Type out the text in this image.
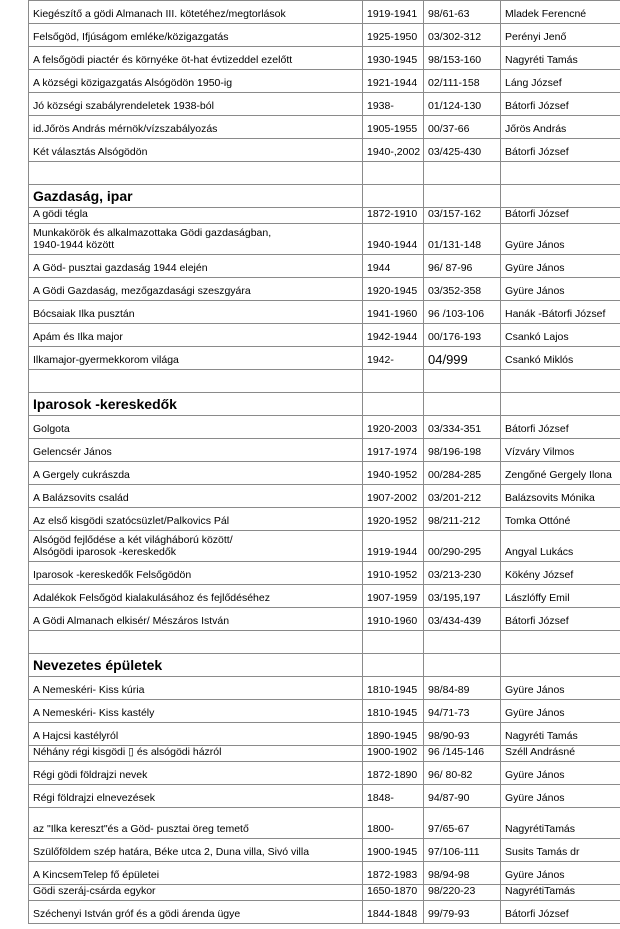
Kiegészítő a gödi Almanach III. kötetéhez/megtorlások	1919-1941	98/61-63	Mladek Ferencné
Felsőgöd, Ifjúságom emléke/közigazgatás	1925-1950	03/302-312	Perényi Jenő
A felsőgödi piactér és környéke öt-hat évtizeddel ezelőtt	1930-1945	98/153-160	Nagyréti Tamás
A községi közigazgatás Alsógödön 1950-ig	1921-1944	02/111-158	Láng József
Jó községi szabályrendeletek 1938-ból	1938-	01/124-130	Bátorfi József
id.Jőrös András mérnök/vízszabályozás	1905-1955	00/37-66	Jőrös András
Két választás Alsógödön	1940-,2002	03/425-430	Bátorfi József

Gazdaság, ipar			
A gödi tégla	1872-1910	03/157-162	Bátorfi József
Munkakörök és alkalmazottaka Gödi gazdaságban,
1940-1944 között	1940-1944	01/131-148	Gyüre János
A Göd- pusztai gazdaság 1944 elején	1944	96/ 87-96	Gyüre János
A Gödi Gazdaság, mezőgazdasági szeszgyára	1920-1945	03/352-358	Gyüre János
Bócsaiak Ilka pusztán	1941-1960	96 /103-106	Hanák -Bátorfi József
Apám és Ilka major	1942-1944	00/176-193	Csankó Lajos
Ilkamajor-gyermekkorom világa	1942-	04/999	Csankó Miklós

Iparosok -kereskedők			
Golgota	1920-2003	03/334-351	Bátorfi József
Gelencsér János	1917-1974	98/196-198	Vízváry Vilmos
A Gergely cukrászda	1940-1952	00/284-285	Zengőné Gergely Ilona
A Balázsovits család	1907-2002	03/201-212	Balázsovits Mónika
Az első kisgödi szatócsüzlet/Palkovics Pál	1920-1952	98/211-212	Tomka Ottóné
Alsógöd fejlődése a két világháború között/
Alsógödi iparosok -kereskedők	1919-1944	00/290-295	Angyal Lukács
Iparosok -kereskedők Felsőgödön	1910-1952	03/213-230	Kökény József
Adalékok Felsőgöd kialakulásához és fejlődéséhez	1907-1959	03/195,197	Lászlóffy Emil
A Gödi Almanach elkisér/ Mészáros István	1910-1960	03/434-439	Bátorfi József

Nevezetes épületek			
A Nemeskéri- Kiss kúria	1810-1945	98/84-89	Gyüre János
A Nemeskéri- Kiss kastély	1810-1945	94/71-73	Gyüre János
A Hajcsi kastélyról	1890-1945	98/90-93	Nagyréti Tamás
Néhány régi kisgödi ▯ és alsógödi házról	1900-1902	96 /145-146	Széll Andrásné
Régi gödi földrajzi nevek	1872-1890	96/ 80-82	Gyüre János
Régi földrajzi elnevezések	1848-	94/87-90	Gyüre János
az "Ilka kereszt"és a Göd- pusztai öreg temető	1800-	97/65-67	NagyrétiTamás
Szülőföldem szép határa, Béke utca 2, Duna villa, Sivó villa	1900-1945	97/106-111	Susits Tamás dr
A KincsemTelep fő épületei	1872-1983	98/94-98	Gyüre János
Gödi szeráj-csárda egykor	1650-1870	98/220-23	NagyrétiTamás
Széchenyi István gróf és a gödi árenda ügye	1844-1848	99/79-93	Bátorfi József
